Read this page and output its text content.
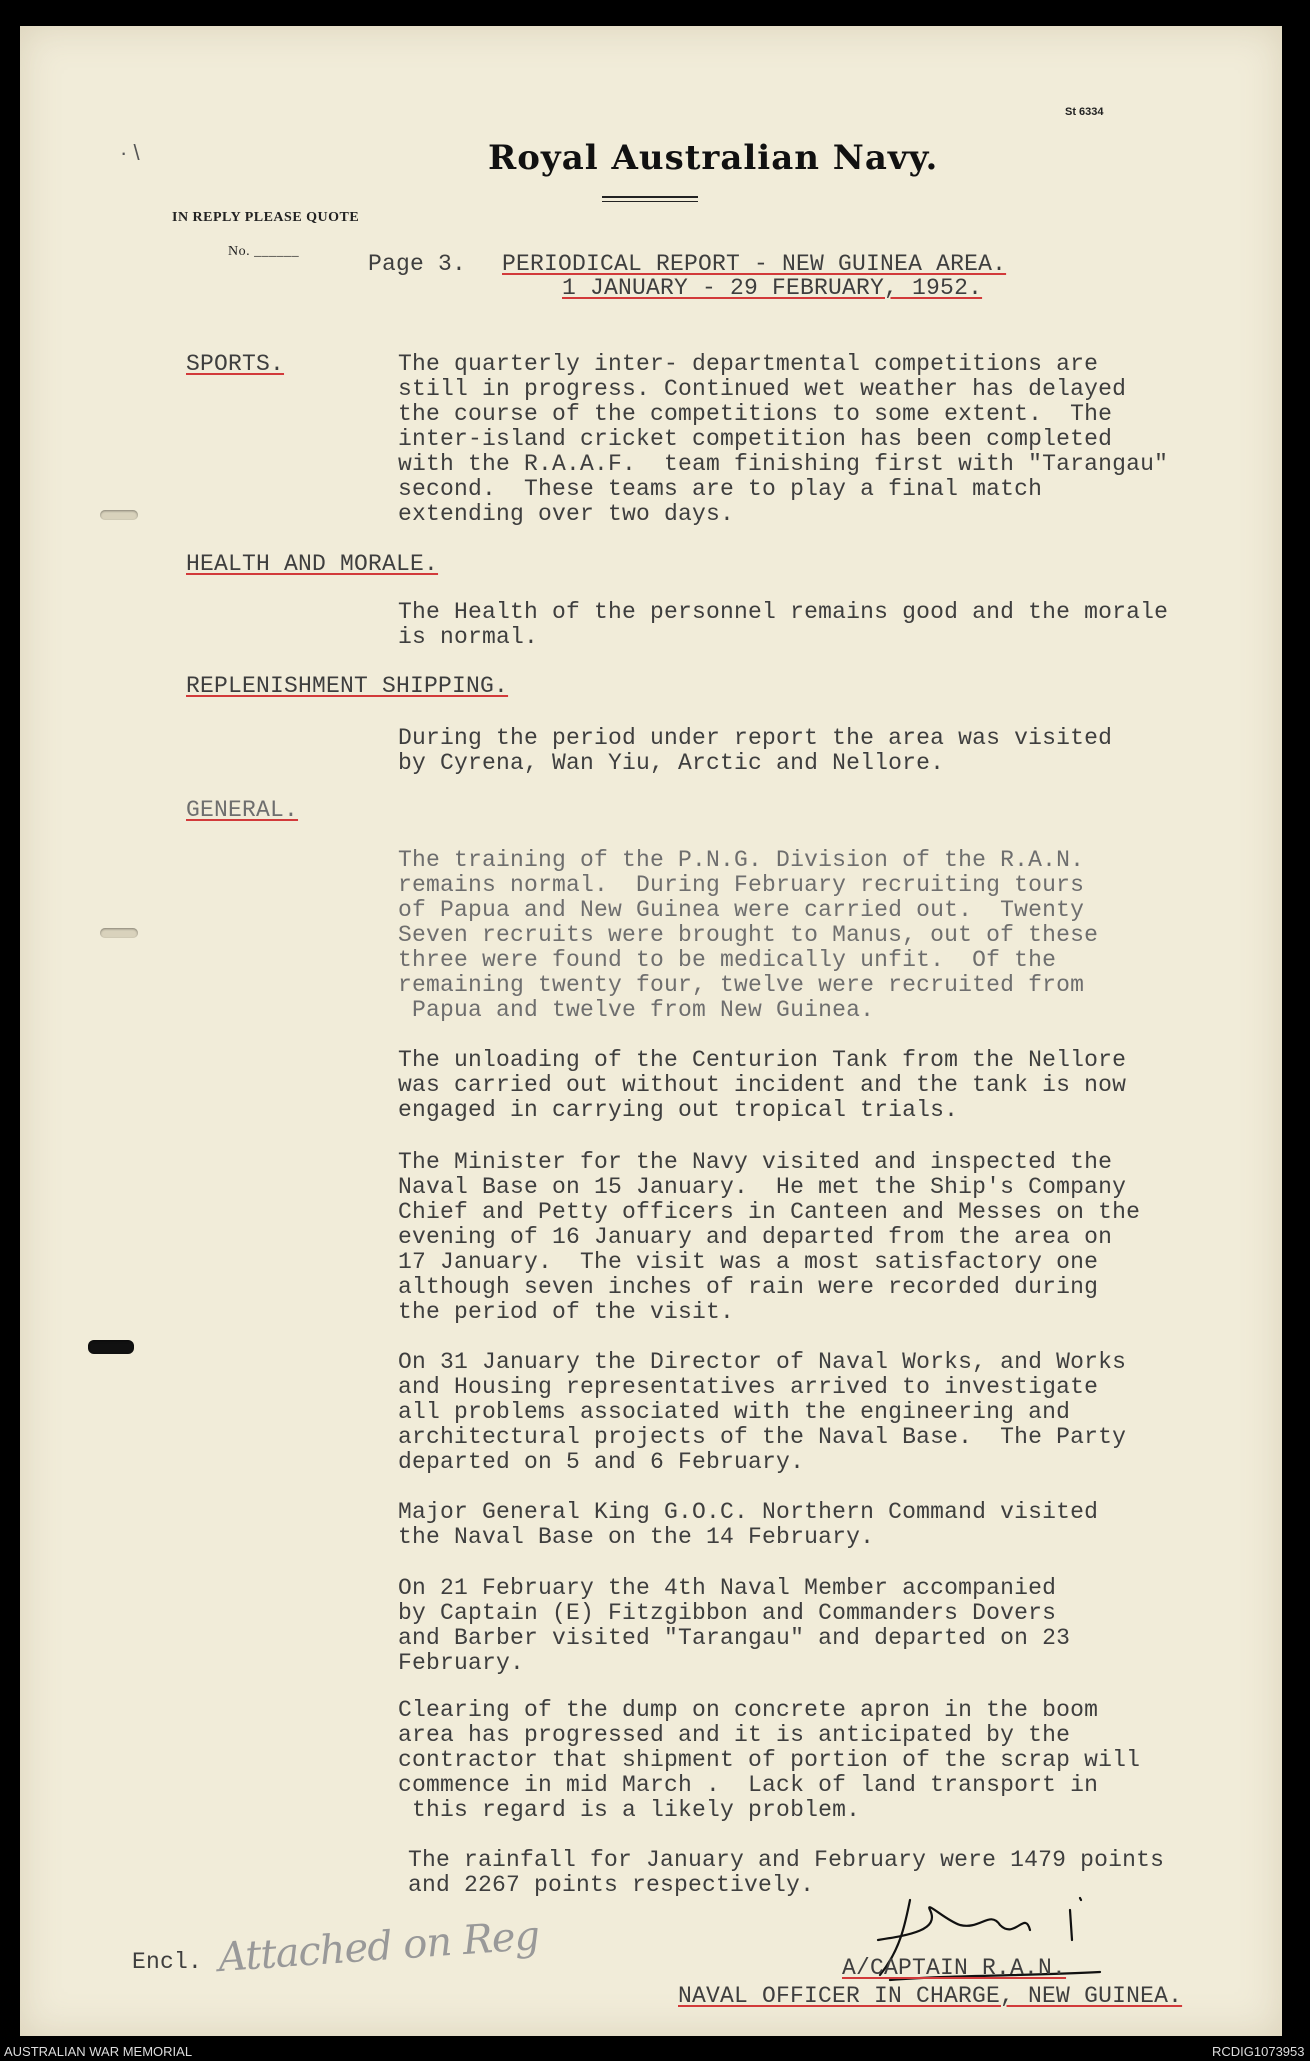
St 6334
· \	Royal Australian Navy.
IN REPLY PLEASE QUOTE
No. ______	Page 3. PERIODICAL REPORT - NEW GUINEA AREA.
1 JANUARY - 29 FEBRUARY, 1952.
SPORTS.	The quarterly inter- departmental competitions are
still in progress. Continued wet weather has delayed
the course of the competitions to some extent.  The
inter-island cricket competition has been completed
with the R.A.A.F.  team finishing first with "Tarangau"
second.  These teams are to play a final match
extending over two days.
HEALTH AND MORALE.
The Health of the personnel remains good and the morale
is normal.
REPLENISHMENT SHIPPING.
During the period under report the area was visited
by Cyrena, Wan Yiu, Arctic and Nellore.
GENERAL.
The training of the P.N.G. Division of the R.A.N.
remains normal.  During February recruiting tours
of Papua and New Guinea were carried out.  Twenty
Seven recruits were brought to Manus, out of these
three were found to be medically unfit.  Of the
remaining twenty four, twelve were recruited from
Papua and twelve from New Guinea.
The unloading of the Centurion Tank from the Nellore
was carried out without incident and the tank is now
engaged in carrying out tropical trials.
The Minister for the Navy visited and inspected the
Naval Base on 15 January.  He met the Ship's Company
Chief and Petty officers in Canteen and Messes on the
evening of 16 January and departed from the area on
17 January.  The visit was a most satisfactory one
although seven inches of rain were recorded during
the period of the visit.
On 31 January the Director of Naval Works, and Works
and Housing representatives arrived to investigate
all problems associated with the engineering and
architectural projects of the Naval Base.  The Party
departed on 5 and 6 February.
Major General King G.O.C. Northern Command visited
the Naval Base on the 14 February.
On 21 February the 4th Naval Member accompanied
by Captain (E) Fitzgibbon and Commanders Dovers
and Barber visited "Tarangau" and departed on 23
February.
Clearing of the dump on concrete apron in the boom
area has progressed and it is anticipated by the
contractor that shipment of portion of the scrap will
commence in mid March .  Lack of land transport in
this regard is a likely problem.
The rainfall for January and February were 1479 points
and 2267 points respectively.
Encl. Attached on Reg	A/CAPTAIN R.A.N.
NAVAL OFFICER IN CHARGE, NEW GUINEA.
AUSTRALIAN WAR MEMORIAL	RCDIG1073953
